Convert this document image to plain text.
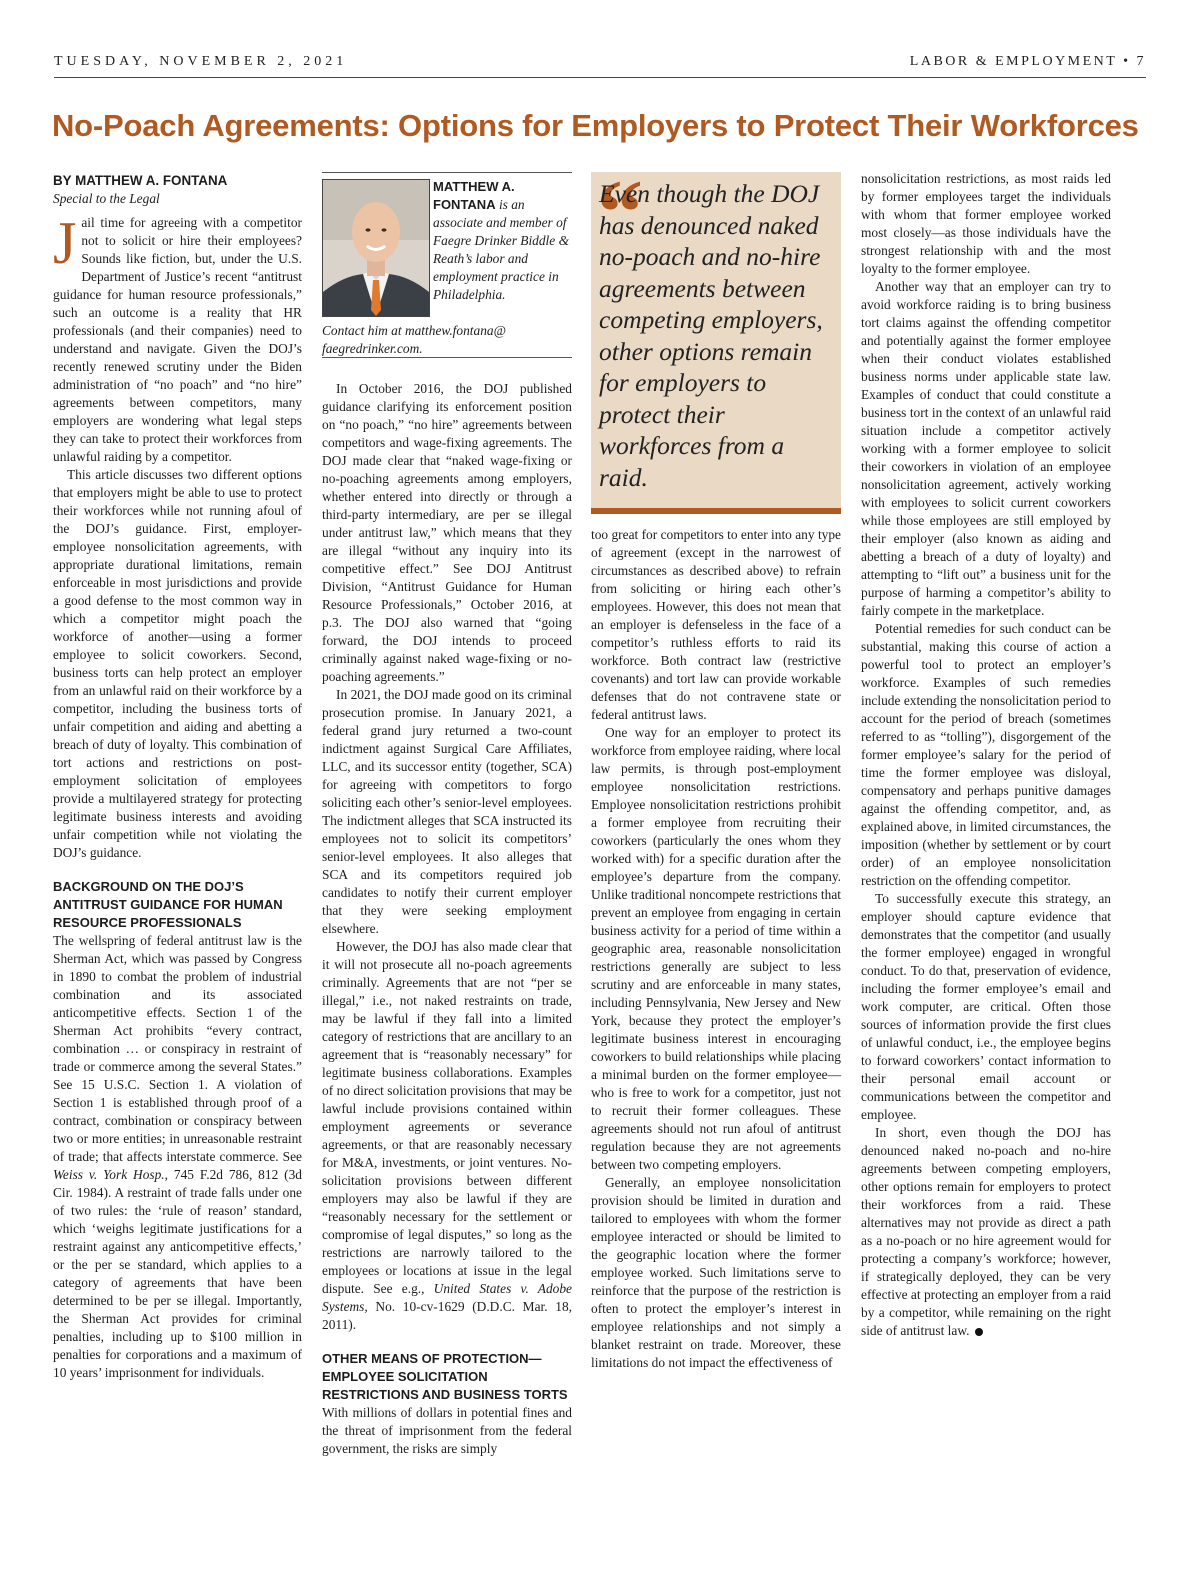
TUESDAY, NOVEMBER 2, 2021	LABOR & EMPLOYMENT • 7
No-Poach Agreements: Options for Employers to Protect Their Workforces

BY MATTHEW A. FONTANA

Special to the Legal

Jail time for agreeing with a competitor not to solicit or hire their employees? Sounds like fiction, but, under the U.S. Department of Justice’s recent “antitrust guidance for human resource professionals,” such an outcome is a reality that HR professionals (and their companies) need to understand and navigate. Given the DOJ’s recently renewed scrutiny under the Biden administration of “no poach” and “no hire” agreements between competitors, many employers are wondering what legal steps they can take to protect their workforces from unlawful raiding by a competitor.

This article discusses two different options that employers might be able to use to protect their workforces while not running afoul of the DOJ’s guidance. First, employer-employee nonsolicitation agreements, with appropriate durational limitations, remain enforceable in most jurisdictions and provide a good defense to the most common way in which a competitor might poach the workforce of another—using a former employee to solicit coworkers. Second, business torts can help protect an employer from an unlawful raid on their workforce by a competitor, including the business torts of unfair competition and aiding and abetting a breach of duty of loyalty. This combination of tort actions and restrictions on post-employment solicitation of employees provide a multilayered strategy for protecting legitimate business interests and avoiding unfair competition while not violating the DOJ’s guidance.

BACKGROUND ON THE DOJ’S ANTITRUST GUIDANCE FOR HUMAN RESOURCE PROFESSIONALS

The wellspring of federal antitrust law is the Sherman Act, which was passed by Congress in 1890 to combat the problem of industrial combination and its associated anticompetitive effects. Section 1 of the Sherman Act prohibits “every contract, combination … or conspiracy in restraint of trade or commerce among the several States.” See 15 U.S.C. Section 1. A violation of Section 1 is established through proof of a contract, combination or conspiracy between two or more entities; in unreasonable restraint of trade; that affects interstate commerce. See Weiss v. York Hosp., 745 F.2d 786, 812 (3d Cir. 1984). A restraint of trade falls under one of two rules: the ‘rule of reason’ standard, which ‘weighs legitimate justifications for a restraint against any anticompetitive effects,’ or the per se standard, which applies to a category of agreements that have been determined to be per se illegal. Importantly, the Sherman Act provides for criminal penalties, including up to $100 million in penalties for corporations and a maximum of 10 years’ imprisonment for individuals.

MATTHEW A. FONTANA is an associate and member of Faegre Drinker Biddle & Reath’s labor and employment practice in Philadelphia.
Contact him at matthew.fontana@ faegredrinker.com.

In October 2016, the DOJ published guidance clarifying its enforcement position on “no poach,” “no hire” agreements between competitors and wage-fixing agreements. The DOJ made clear that “naked wage-fixing or no-poaching agreements among employers, whether entered into directly or through a third-party intermediary, are per se illegal under antitrust law,” which means that they are illegal “without any inquiry into its competitive effect.” See DOJ Antitrust Division, “Antitrust Guidance for Human Resource Professionals,” October 2016, at p.3. The DOJ also warned that “going forward, the DOJ intends to proceed criminally against naked wage-fixing or no-poaching agreements.”

In 2021, the DOJ made good on its criminal prosecution promise. In January 2021, a federal grand jury returned a two-count indictment against Surgical Care Affiliates, LLC, and its successor entity (together, SCA) for agreeing with competitors to forgo soliciting each other’s senior-level employees. The indictment alleges that SCA instructed its employees not to solicit its competitors’ senior-level employees. It also alleges that SCA and its competitors required job candidates to notify their current employer that they were seeking employment elsewhere.

However, the DOJ has also made clear that it will not prosecute all no-poach agreements criminally. Agreements that are not “per se illegal,” i.e., not naked restraints on trade, may be lawful if they fall into a limited category of restrictions that are ancillary to an agreement that is “reasonably necessary” for legitimate business collaborations. Examples of no direct solicitation provisions that may be lawful include provisions contained within employment agreements or severance agreements, or that are reasonably necessary for M&A, investments, or joint ventures. No-solicitation provisions between different employers may also be lawful if they are “reasonably necessary for the settlement or compromise of legal disputes,” so long as the restrictions are narrowly tailored to the employees or locations at issue in the legal dispute. See e.g., United States v. Adobe Systems, No. 10-cv-1629 (D.D.C. Mar. 18, 2011).

OTHER MEANS OF PROTECTION—EMPLOYEE SOLICITATION RESTRICTIONS AND BUSINESS TORTS

With millions of dollars in potential fines and the threat of imprisonment from the federal government, the risks are simply

“
Even though the DOJ has denounced naked no-poach and no-hire agreements between competing employers, other options remain for employers to protect their workforces from a raid.

too great for competitors to enter into any type of agreement (except in the narrowest of circumstances as described above) to refrain from soliciting or hiring each other’s employees. However, this does not mean that an employer is defenseless in the face of a competitor’s ruthless efforts to raid its workforce. Both contract law (restrictive covenants) and tort law can provide workable defenses that do not contravene state or federal antitrust laws.

One way for an employer to protect its workforce from employee raiding, where local law permits, is through post-employment employee nonsolicitation restrictions. Employee nonsolicitation restrictions prohibit a former employee from recruiting their coworkers (particularly the ones whom they worked with) for a specific duration after the employee’s departure from the company. Unlike traditional noncompete restrictions that prevent an employee from engaging in certain business activity for a period of time within a geographic area, reasonable nonsolicitation restrictions generally are subject to less scrutiny and are enforceable in many states, including Pennsylvania, New Jersey and New York, because they protect the employer’s legitimate business interest in encouraging coworkers to build relationships while placing a minimal burden on the former employee—who is free to work for a competitor, just not to recruit their former colleagues. These agreements should not run afoul of antitrust regulation because they are not agreements between two competing employers.

Generally, an employee nonsolicitation provision should be limited in duration and tailored to employees with whom the former employee interacted or should be limited to the geographic location where the former employee worked. Such limitations serve to reinforce that the purpose of the restriction is often to protect the employer’s interest in employee relationships and not simply a blanket restraint on trade. Moreover, these limitations do not impact the effectiveness of

nonsolicitation restrictions, as most raids led by former employees target the individuals with whom that former employee worked most closely—as those individuals have the strongest relationship with and the most loyalty to the former employee.

Another way that an employer can try to avoid workforce raiding is to bring business tort claims against the offending competitor and potentially against the former employee when their conduct violates established business norms under applicable state law. Examples of conduct that could constitute a business tort in the context of an unlawful raid situation include a competitor actively working with a former employee to solicit their coworkers in violation of an employee nonsolicitation agreement, actively working with employees to solicit current coworkers while those employees are still employed by their employer (also known as aiding and abetting a breach of a duty of loyalty) and attempting to “lift out” a business unit for the purpose of harming a competitor’s ability to fairly compete in the marketplace.

Potential remedies for such conduct can be substantial, making this course of action a powerful tool to protect an employer’s workforce. Examples of such remedies include extending the nonsolicitation period to account for the period of breach (sometimes referred to as “tolling”), disgorgement of the former employee’s salary for the period of time the former employee was disloyal, compensatory and perhaps punitive damages against the offending competitor, and, as explained above, in limited circumstances, the imposition (whether by settlement or by court order) of an employee nonsolicitation restriction on the offending competitor.

To successfully execute this strategy, an employer should capture evidence that demonstrates that the competitor (and usually the former employee) engaged in wrongful conduct. To do that, preservation of evidence, including the former employee’s email and work computer, are critical. Often those sources of information provide the first clues of unlawful conduct, i.e., the employee begins to forward coworkers’ contact information to their personal email account or communications between the competitor and employee.

In short, even though the DOJ has denounced naked no-poach and no-hire agreements between competing employers, other options remain for employers to protect their workforces from a raid. These alternatives may not provide as direct a path as a no-poach or no hire agreement would for protecting a company’s workforce; however, if strategically deployed, they can be very effective at protecting an employer from a raid by a competitor, while remaining on the right side of antitrust law.
